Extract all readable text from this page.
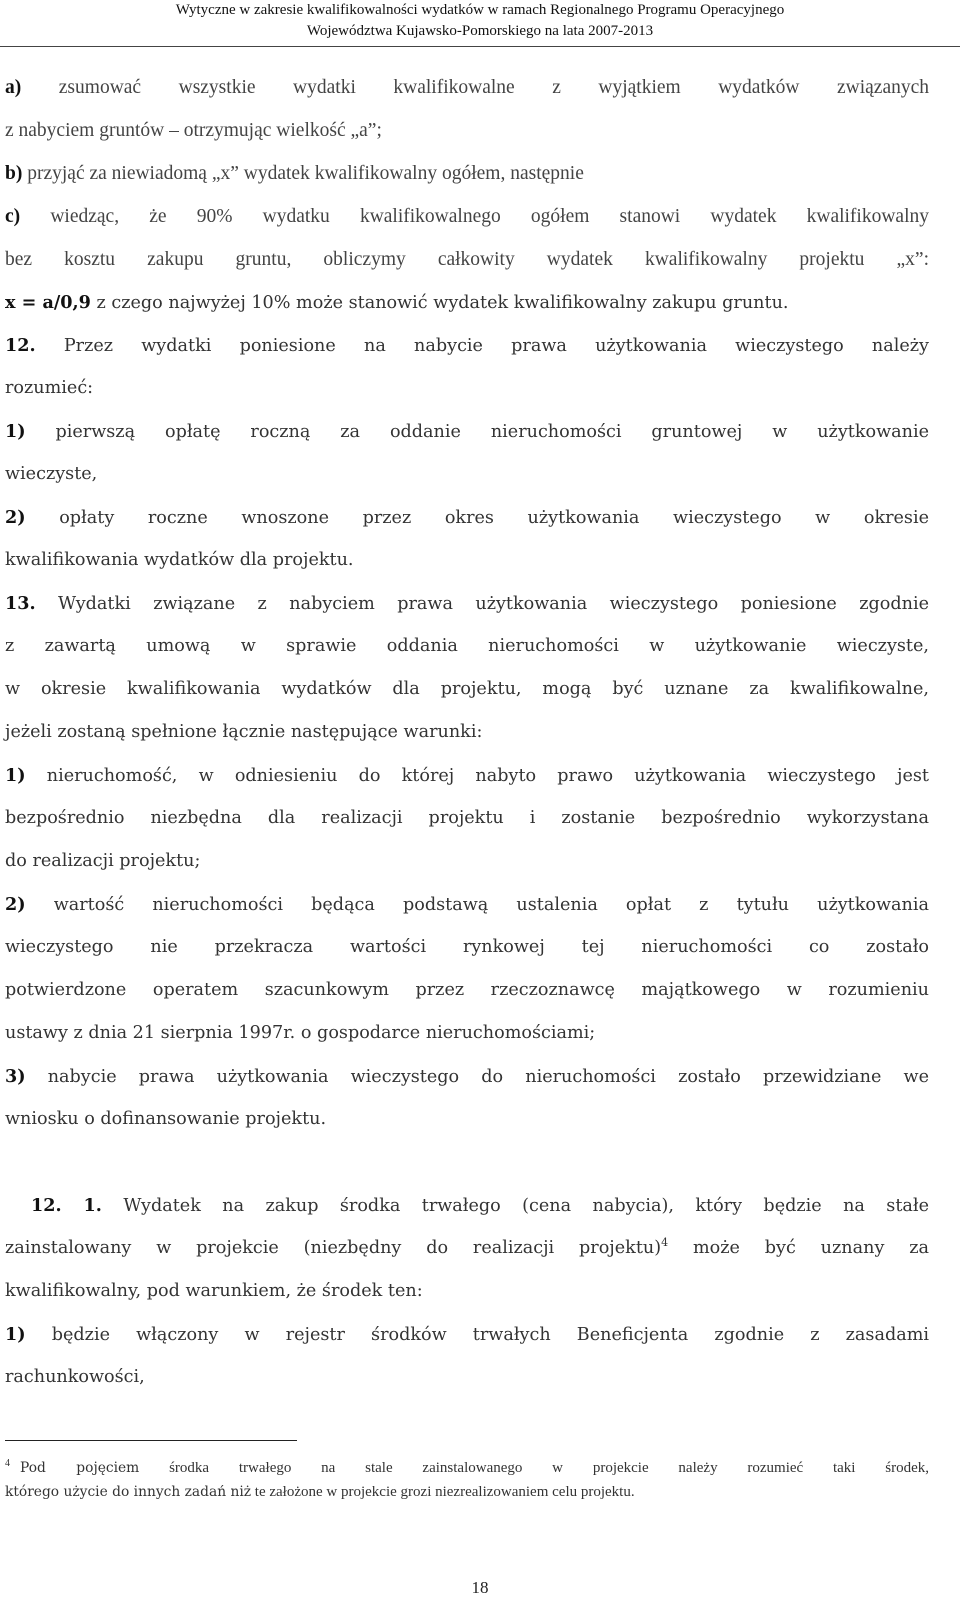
Wytyczne w zakresie kwalifikowalności wydatków w ramach Regionalnego Programu Operacyjnego
Województwa Kujawsko-Pomorskiego na lata 2007-2013

a) zsumować wszystkie wydatki kwalifikowalne z wyjątkiem wydatków związanych

z nabyciem gruntów – otrzymując wielkość „a”;

b) przyjąć za niewiadomą „x” wydatek kwalifikowalny ogółem, następnie

c) wiedząc, że 90% wydatku kwalifikowalnego ogółem stanowi wydatek kwalifikowalny

bez kosztu zakupu gruntu, obliczymy całkowity wydatek kwalifikowalny projektu „x”:

x = a/0,9 z czego najwyżej 10% może stanowić wydatek kwalifikowalny zakupu gruntu.

12. Przez wydatki poniesione na nabycie prawa użytkowania wieczystego należy

rozumieć:

1) pierwszą opłatę roczną za oddanie nieruchomości gruntowej w użytkowanie

wieczyste,

2) opłaty roczne wnoszone przez okres użytkowania wieczystego w okresie

kwalifikowania wydatków dla projektu.

13. Wydatki związane z nabyciem prawa użytkowania wieczystego poniesione zgodnie

z zawartą umową w sprawie oddania nieruchomości w użytkowanie wieczyste,

w okresie kwalifikowania wydatków dla projektu, mogą być uznane za kwalifikowalne,

jeżeli zostaną spełnione łącznie następujące warunki:

1) nieruchomość, w odniesieniu do której nabyto prawo użytkowania wieczystego jest

bezpośrednio niezbędna dla realizacji projektu i zostanie bezpośrednio wykorzystana

do realizacji projektu;

2) wartość nieruchomości będąca podstawą ustalenia opłat z tytułu użytkowania

wieczystego nie przekracza wartości rynkowej tej nieruchomości co zostało

potwierdzone operatem szacunkowym przez rzeczoznawcę majątkowego w rozumieniu

ustawy z dnia 21 sierpnia 1997r. o gospodarce nieruchomościami;

3) nabycie prawa użytkowania wieczystego do nieruchomości zostało przewidziane we

wniosku o dofinansowanie projektu.

12. 1. Wydatek na zakup środka trwałego (cena nabycia), który będzie na stałe

zainstalowany w projekcie (niezbędny do realizacji projektu)$^4$ może być uznany za

kwalifikowalny, pod warunkiem, że środek ten:

1) będzie włączony w rejestr środków trwałych Beneficjenta zgodnie z zasadami

rachunkowości,

$^4$ Pod pojęciem środka trwałego na stale zainstalowanego w projekcie należy rozumieć taki środek,

którego użycie do innych zadań niż te założone w projekcie grozi niezrealizowaniem celu projektu.

18
